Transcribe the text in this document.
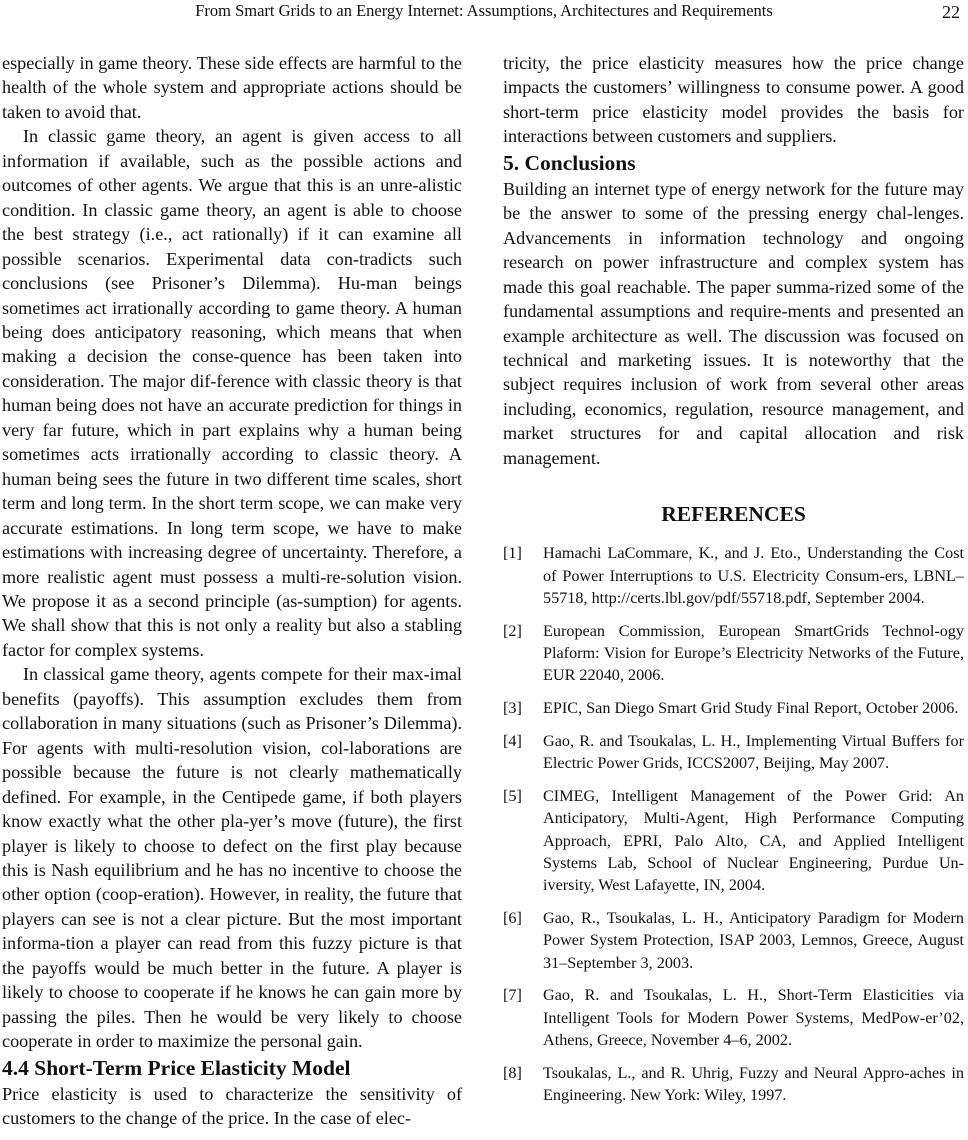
From Smart Grids to an Energy Internet: Assumptions, Architectures and Requirements	22

especially in game theory. These side effects are harmful to the health of the whole system and appropriate actions should be taken to avoid that.

In classic game theory, an agent is given access to all information if available, such as the possible actions and outcomes of other agents. We argue that this is an unre-alistic condition. In classic game theory, an agent is able to choose the best strategy (i.e., act rationally) if it can examine all possible scenarios. Experimental data con-tradicts such conclusions (see Prisoner’s Dilemma). Hu-man beings sometimes act irrationally according to game theory. A human being does anticipatory reasoning, which means that when making a decision the conse-quence has been taken into consideration. The major dif-ference with classic theory is that human being does not have an accurate prediction for things in very far future, which in part explains why a human being sometimes acts irrationally according to classic theory. A human being sees the future in two different time scales, short term and long term. In the short term scope, we can make very accurate estimations. In long term scope, we have to make estimations with increasing degree of uncertainty. Therefore, a more realistic agent must possess a multi-re-solution vision. We propose it as a second principle (as-sumption) for agents. We shall show that this is not only a reality but also a stabling factor for complex systems.

In classical game theory, agents compete for their max-imal benefits (payoffs). This assumption excludes them from collaboration in many situations (such as Prisoner’s Dilemma). For agents with multi-resolution vision, col-laborations are possible because the future is not clearly mathematically defined. For example, in the Centipede game, if both players know exactly what the other pla-yer’s move (future), the first player is likely to choose to defect on the first play because this is Nash equilibrium and he has no incentive to choose the other option (coop-eration). However, in reality, the future that players can see is not a clear picture. But the most important informa-tion a player can read from this fuzzy picture is that the payoffs would be much better in the future. A player is likely to choose to cooperate if he knows he can gain more by passing the piles. Then he would be very likely to choose cooperate in order to maximize the personal gain.

4.4 Short-Term Price Elasticity Model

Price elasticity is used to characterize the sensitivity of customers to the change of the price. In the case of elec-

tricity, the price elasticity measures how the price change impacts the customers’ willingness to consume power. A good short-term price elasticity model provides the basis for interactions between customers and suppliers.

5. Conclusions

Building an internet type of energy network for the future may be the answer to some of the pressing energy chal-lenges. Advancements in information technology and ongoing research on power infrastructure and complex system has made this goal reachable. The paper summa-rized some of the fundamental assumptions and require-ments and presented an example architecture as well. The discussion was focused on technical and marketing issues. It is noteworthy that the subject requires inclusion of work from several other areas including, economics, regulation, resource management, and market structures for and capital allocation and risk management.

REFERENCES
[1]	Hamachi LaCommare, K., and J. Eto., Understanding the Cost of Power Interruptions to U.S. Electricity Consum-ers, LBNL–55718, http://certs.lbl.gov/pdf/55718.pdf, September 2004.
[2]	European Commission, European SmartGrids Technol-ogy Plaform: Vision for Europe’s Electricity Networks of the Future, EUR 22040, 2006.
[3]	EPIC, San Diego Smart Grid Study Final Report, October 2006.
[4]	Gao, R. and Tsoukalas, L. H., Implementing Virtual Buffers for Electric Power Grids, ICCS2007, Beijing, May 2007.
[5]	CIMEG, Intelligent Management of the Power Grid: An Anticipatory, Multi-Agent, High Performance Computing Approach, EPRI, Palo Alto, CA, and Applied Intelligent Systems Lab, School of Nuclear Engineering, Purdue Un-iversity, West Lafayette, IN, 2004.
[6]	Gao, R., Tsoukalas, L. H., Anticipatory Paradigm for Modern Power System Protection, ISAP 2003, Lemnos, Greece, August 31–September 3, 2003.
[7]	Gao, R. and Tsoukalas, L. H., Short-Term Elasticities via Intelligent Tools for Modern Power Systems, MedPow-er’02, Athens, Greece, November 4–6, 2002.
[8]	Tsoukalas, L., and R. Uhrig, Fuzzy and Neural Appro-aches in Engineering. New York: Wiley, 1997.
